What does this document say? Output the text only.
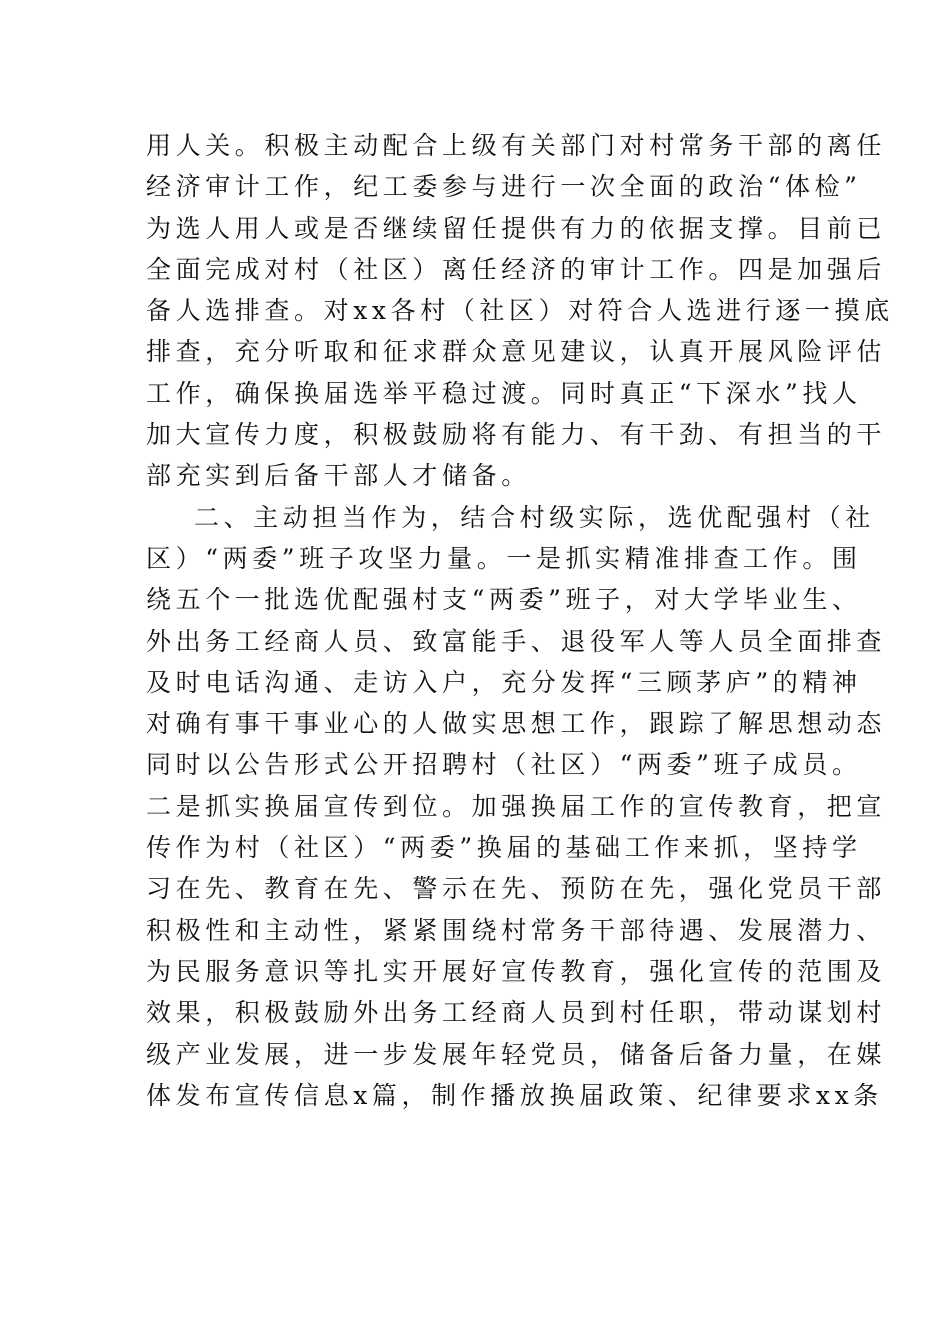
用人关。积极主动配合上级有关部门对村常务干部的离任
经济审计工作，纪工委参与进行一次全面的政治“体检”
为选人用人或是否继续留任提供有力的依据支撑。目前已
全面完成对村（社区）离任经济的审计工作。四是加强后
备人选排查。对xx各村（社区）对符合人选进行逐一摸底
排查，充分听取和征求群众意见建议，认真开展风险评估
工作，确保换届选举平稳过渡。同时真正“下深水”找人
加大宣传力度，积极鼓励将有能力、有干劲、有担当的干
部充实到后备干部人才储备。
二、主动担当作为，结合村级实际，选优配强村（社
区）“两委”班子攻坚力量。一是抓实精准排查工作。围
绕五个一批选优配强村支“两委”班子，对大学毕业生、
外出务工经商人员、致富能手、退役军人等人员全面排查
及时电话沟通、走访入户，充分发挥“三顾茅庐”的精神
对确有事干事业心的人做实思想工作，跟踪了解思想动态
同时以公告形式公开招聘村（社区）“两委”班子成员。
二是抓实换届宣传到位。加强换届工作的宣传教育，把宣
传作为村（社区）“两委”换届的基础工作来抓，坚持学
习在先、教育在先、警示在先、预防在先，强化党员干部
积极性和主动性，紧紧围绕村常务干部待遇、发展潜力、
为民服务意识等扎实开展好宣传教育，强化宣传的范围及
效果，积极鼓励外出务工经商人员到村任职，带动谋划村
级产业发展，进一步发展年轻党员，储备后备力量，在媒
体发布宣传信息x篇，制作播放换届政策、纪律要求xx条
